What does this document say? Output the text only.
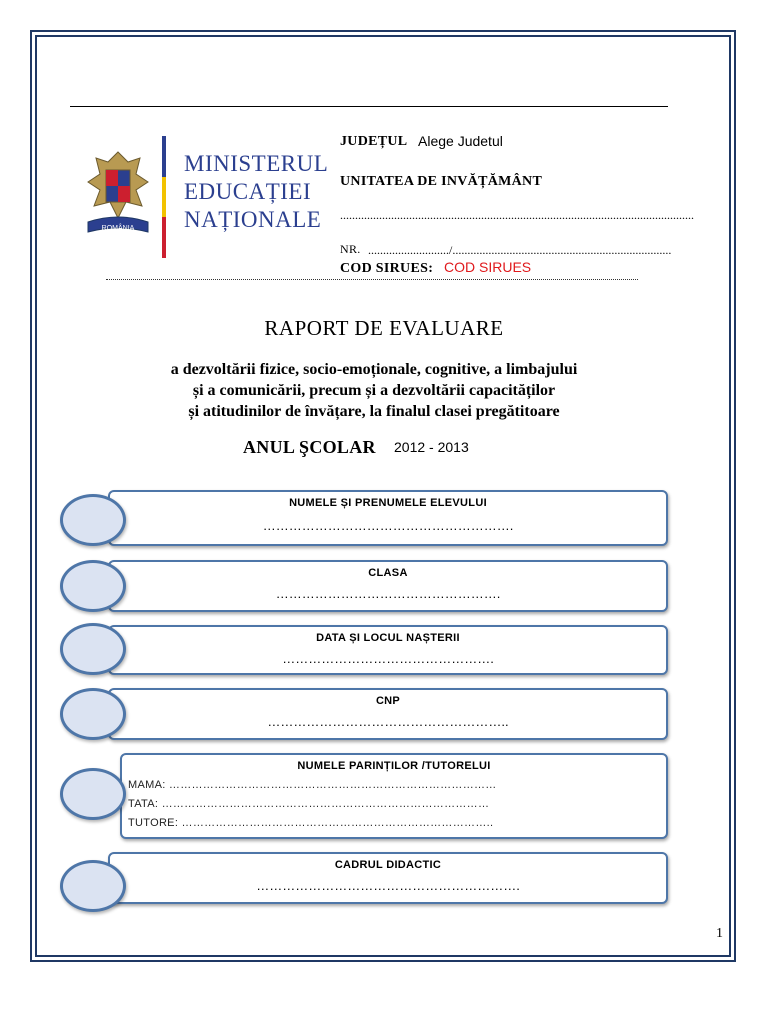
ROMÂNIA
MINISTERUL
EDUCAȚIEI
NAȚIONALE
JUDEȚUL Alege Judetul
UNITATEA DE INVĂȚĂMÂNT
......................................................................................................................
NR. .........................../.........................................................................
COD SIRUES: COD SIRUES
RAPORT DE EVALUARE
a dezvoltării fizice, socio-emoționale, cognitive, a limbajului
și a comunicării, precum și a dezvoltării capacităților
și atitudinilor de învățare, la finalul clasei pregătitoare
ANUL ŞCOLAR 2012 - 2013
NUMELE ȘI PRENUMELE ELEVULUI
………………………………………………….
CLASA
…………………………………………….
DATA ȘI LOCUL NAȘTERII
………………………………………….
CNP
………………………………………………..
NUMELE PARINȚILOR /TUTORELUI
MAMA: ……………………………………………………………………………
TATA: ……………………………………………………………………………
TUTORE: ………………………………………………………………………..
CADRUL DIDACTIC
…………………………………………………….
1
